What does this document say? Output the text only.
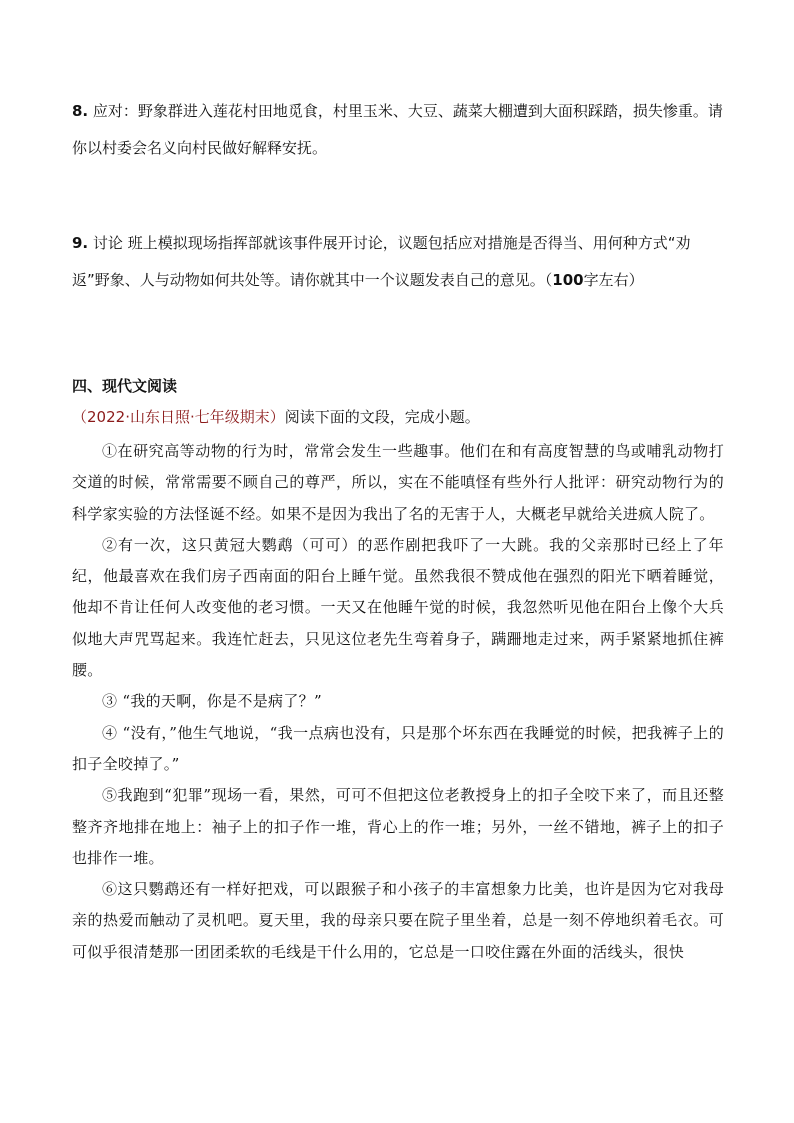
8. 应对：野象群进入莲花村田地觅食，村里玉米、大豆、蔬菜大棚遭到大面积踩踏，损失惨重。请你以村委会名义向村民做好解释安抚。
9. 讨论 班上模拟现场指挥部就该事件展开讨论，议题包括应对措施是否得当、用何种方式“劝返”野象、人与动物如何共处等。请你就其中一个议题发表自己的意见。（100字左右）
四、现代文阅读
（2022·山东日照·七年级期末）阅读下面的文段，完成小题。

①在研究高等动物的行为时，常常会发生一些趣事。他们在和有高度智慧的鸟或哺乳动物打交道的时候，常常需要不顾自己的尊严，所以，实在不能嗔怪有些外行人批评：研究动物行为的科学家实验的方法怪诞不经。如果不是因为我出了名的无害于人，大概老早就给关进疯人院了。

②有一次，这只黄冠大鹦鹉（可可）的恶作剧把我吓了一大跳。我的父亲那时已经上了年纪，他最喜欢在我们房子西南面的阳台上睡午觉。虽然我很不赞成他在强烈的阳光下晒着睡觉，他却不肯让任何人改变他的老习惯。一天又在他睡午觉的时候，我忽然听见他在阳台上像个大兵似地大声咒骂起来。我连忙赶去，只见这位老先生弯着身子，蹒跚地走过来，两手紧紧地抓住裤腰。

③ “我的天啊，你是不是病了？”

④ “没有，”他生气地说，“我一点病也没有，只是那个坏东西在我睡觉的时候，把我裤子上的扣子全咬掉了。”

⑤我跑到“犯罪”现场一看，果然，可可不但把这位老教授身上的扣子全咬下来了，而且还整整齐齐地排在地上：袖子上的扣子作一堆，背心上的作一堆；另外，一丝不错地，裤子上的扣子也排作一堆。

⑥这只鹦鹉还有一样好把戏，可以跟猴子和小孩子的丰富想象力比美，也许是因为它对我母亲的热爱而触动了灵机吧。夏天里，我的母亲只要在院子里坐着，总是一刻不停地织着毛衣。可可似乎很清楚那一团团柔软的毛线是干什么用的，它总是一口咬住露在外面的活线头，很快
